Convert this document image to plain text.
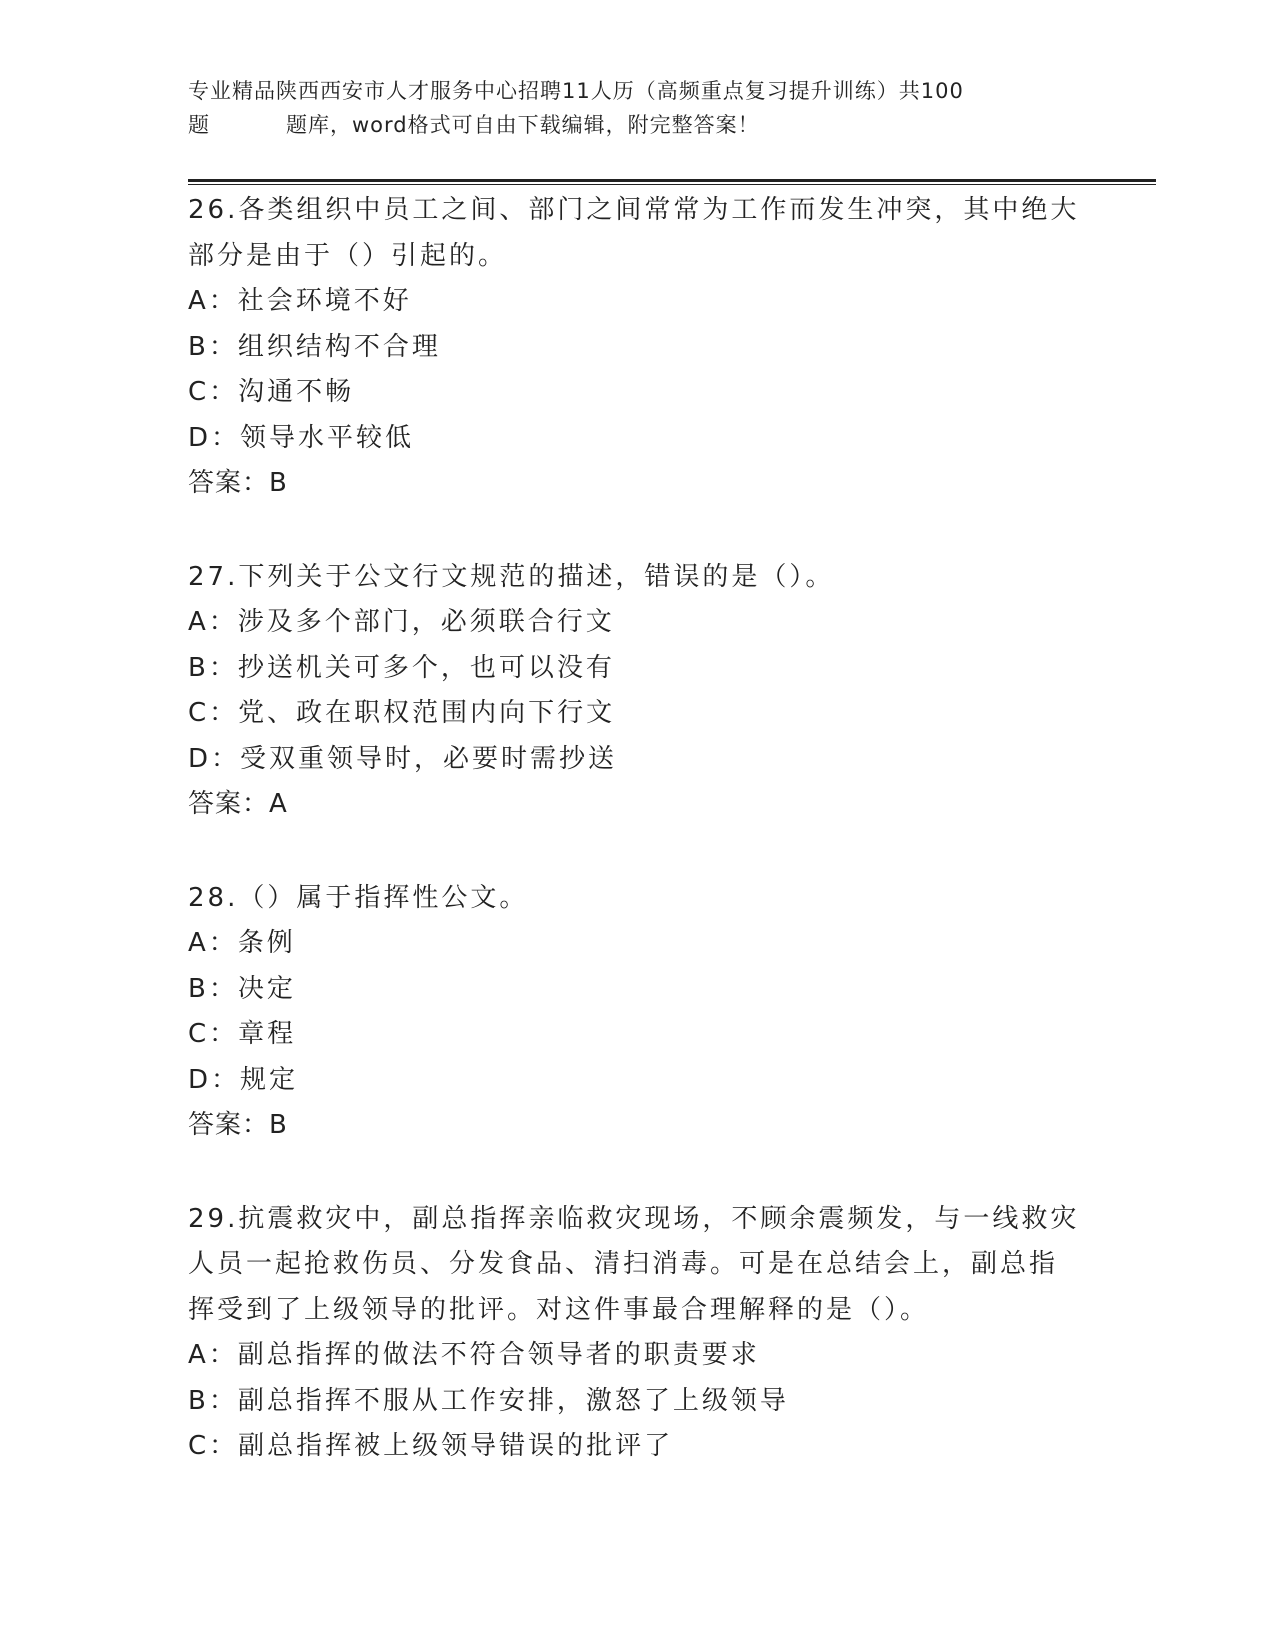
专业精品陕西西安市人才服务中心招聘11人历（高频重点复习提升训练）共100
题	题库，word格式可自由下载编辑，附完整答案！
26.各类组织中员工之间、部门之间常常为工作而发生冲突，其中绝大
部分是由于（）引起的。
A：社会环境不好
B：组织结构不合理
C：沟通不畅
D：领导水平较低
答案：B
27.下列关于公文行文规范的描述，错误的是（）。
A：涉及多个部门，必须联合行文
B：抄送机关可多个，也可以没有
C：党、政在职权范围内向下行文
D：受双重领导时，必要时需抄送
答案：A
28.（）属于指挥性公文。
A：条例
B：决定
C：章程
D：规定
答案：B
29.抗震救灾中，副总指挥亲临救灾现场，不顾余震频发，与一线救灾
人员一起抢救伤员、分发食品、清扫消毒。可是在总结会上，副总指
挥受到了上级领导的批评。对这件事最合理解释的是（）。
A：副总指挥的做法不符合领导者的职责要求
B：副总指挥不服从工作安排，激怒了上级领导
C：副总指挥被上级领导错误的批评了
